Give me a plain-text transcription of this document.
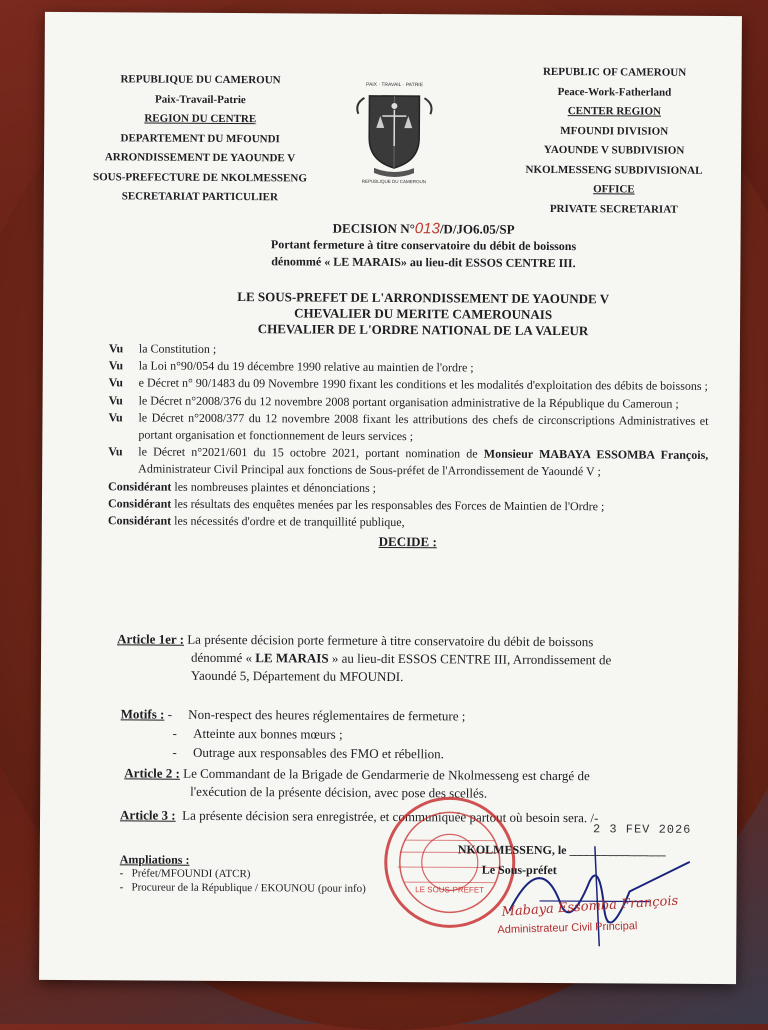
REPUBLIQUE DU CAMEROUN
Paix-Travail-Patrie
REGION DU CENTRE
DEPARTEMENT DU MFOUNDI
ARRONDISSEMENT DE YAOUNDE V
SOUS-PREFECTURE DE NKOLMESSENG
SECRETARIAT PARTICULIER
PAIX · TRAVAIL · PATRIE
REPUBLIQUE DU CAMEROUN
REPUBLIC OF CAMEROUN
Peace-Work-Fatherland
CENTER REGION
MFOUNDI DIVISION
YAOUNDE V SUBDIVISION
NKOLMESSENG SUBDIVISIONAL
OFFICE
PRIVATE SECRETARIAT
DECISION N°013/D/JO6.05/SP
Portant fermeture à titre conservatoire du débit de boissons
dénommé « LE MARAIS» au lieu-dit ESSOS CENTRE III.
LE SOUS-PREFET DE L'ARRONDISSEMENT DE YAOUNDE V
CHEVALIER DU MERITE CAMEROUNAIS
CHEVALIER DE L'ORDRE NATIONAL DE LA VALEUR
Vu	la Constitution ;
Vu	la Loi n°90/054 du 19 décembre 1990 relative au maintien de l'ordre ;
Vu	e Décret n° 90/1483 du 09 Novembre 1990 fixant les conditions et les modalités d'exploitation des débits de boissons ;
Vu	le Décret n°2008/376 du 12 novembre 2008 portant organisation administrative de la République du Cameroun ;
Vu	le Décret n°2008/377 du 12 novembre 2008 fixant les attributions des chefs de circonscriptions Administratives et portant organisation et fonctionnement de leurs services ;
Vu	le Décret n°2021/601 du 15 octobre 2021, portant nomination de Monsieur MABAYA ESSOMBA François, Administrateur Civil Principal aux fonctions de Sous-préfet de l'Arrondissement de Yaoundé V ;
Considérant les nombreuses plaintes et dénonciations ;
Considérant les résultats des enquêtes menées par les responsables des Forces de Maintien de l'Ordre ;
Considérant les nécessités d'ordre et de tranquillité publique,
DECIDE :
Article 1er : La présente décision porte fermeture à titre conservatoire du débit de boissons
dénommé « LE MARAIS » au lieu-dit ESSOS CENTRE III, Arrondissement de
Yaoundé 5, Département du MFOUNDI.
Motifs : -     Non-respect des heures réglementaires de fermeture ;
-     Atteinte aux bonnes mœurs ;
-     Outrage aux responsables des FMO et rébellion.
Article 2 : Le Commandant de la Brigade de Gendarmerie de Nkolmesseng est chargé de
l'exécution de la présente décision, avec pose des scellés.
Article 3 : La présente décision sera enregistrée, et communiquée partout où besoin sera. /-
Ampliations :
-   Préfet/MFOUNDI (ATCR)
-   Procureur de la République / EKOUNOU (pour info)	LE SOUS-PREFET
NKOLMESSENG, le ________________
2 3 FEV 2026
Le Sous-préfet
Mabaya Essomba François
Administrateur Civil Principal
